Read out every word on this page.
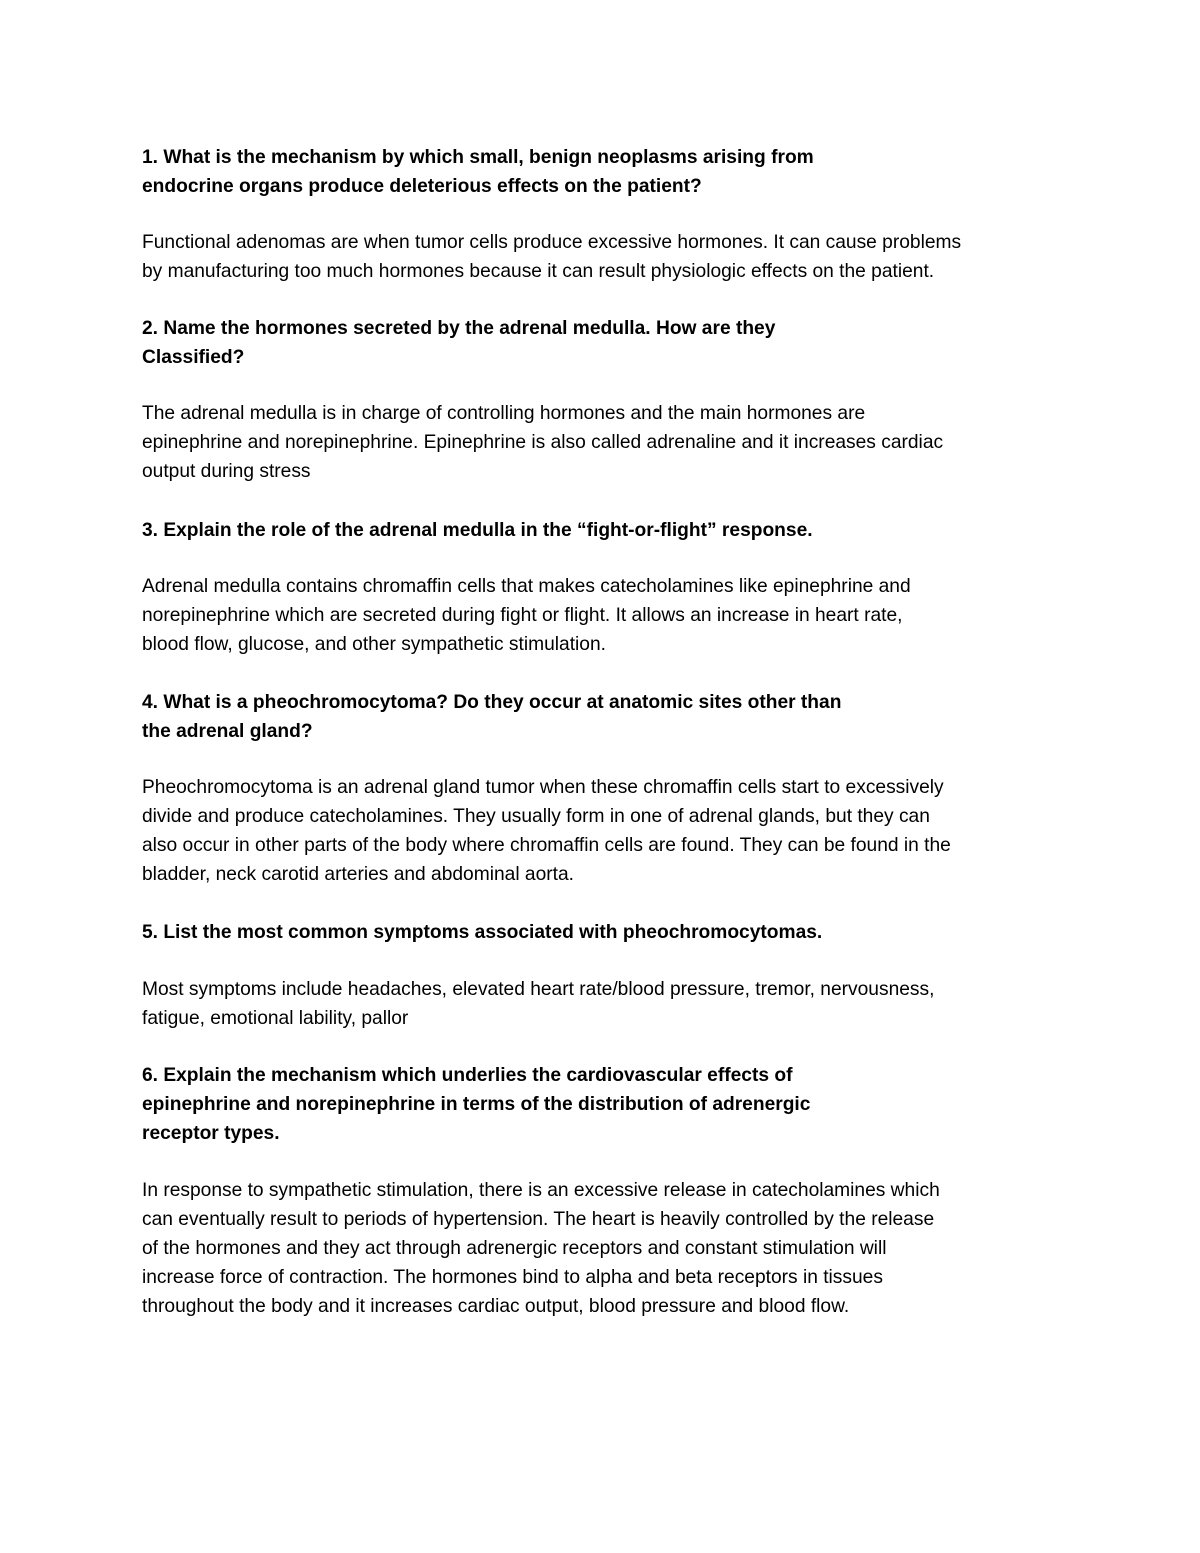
1. What is the mechanism by which small, benign neoplasms arising from
endocrine organs produce deleterious effects on the patient?

Functional adenomas are when tumor cells produce excessive hormones. It can cause problems
by manufacturing too much hormones because it can result physiologic effects on the patient.

2. Name the hormones secreted by the adrenal medulla. How are they
Classified?

The adrenal medulla is in charge of controlling hormones and the main hormones are
epinephrine and norepinephrine. Epinephrine is also called adrenaline and it increases cardiac
output during stress

3. Explain the role of the adrenal medulla in the “fight-or-flight” response.

Adrenal medulla contains chromaffin cells that makes catecholamines like epinephrine and
norepinephrine which are secreted during fight or flight. It allows an increase in heart rate,
blood flow, glucose, and other sympathetic stimulation.

4. What is a pheochromocytoma? Do they occur at anatomic sites other than
the adrenal gland?

Pheochromocytoma is an adrenal gland tumor when these chromaffin cells start to excessively
divide and produce catecholamines. They usually form in one of adrenal glands, but they can
also occur in other parts of the body where chromaffin cells are found. They can be found in the
bladder, neck carotid arteries and abdominal aorta.

5. List the most common symptoms associated with pheochromocytomas.

Most symptoms include headaches, elevated heart rate/blood pressure, tremor, nervousness,
fatigue, emotional lability, pallor

6. Explain the mechanism which underlies the cardiovascular effects of
epinephrine and norepinephrine in terms of the distribution of adrenergic
receptor types.

In response to sympathetic stimulation, there is an excessive release in catecholamines which
can eventually result to periods of hypertension. The heart is heavily controlled by the release
of the hormones and they act through adrenergic receptors and constant stimulation will
increase force of contraction. The hormones bind to alpha and beta receptors in tissues
throughout the body and it increases cardiac output, blood pressure and blood flow.
